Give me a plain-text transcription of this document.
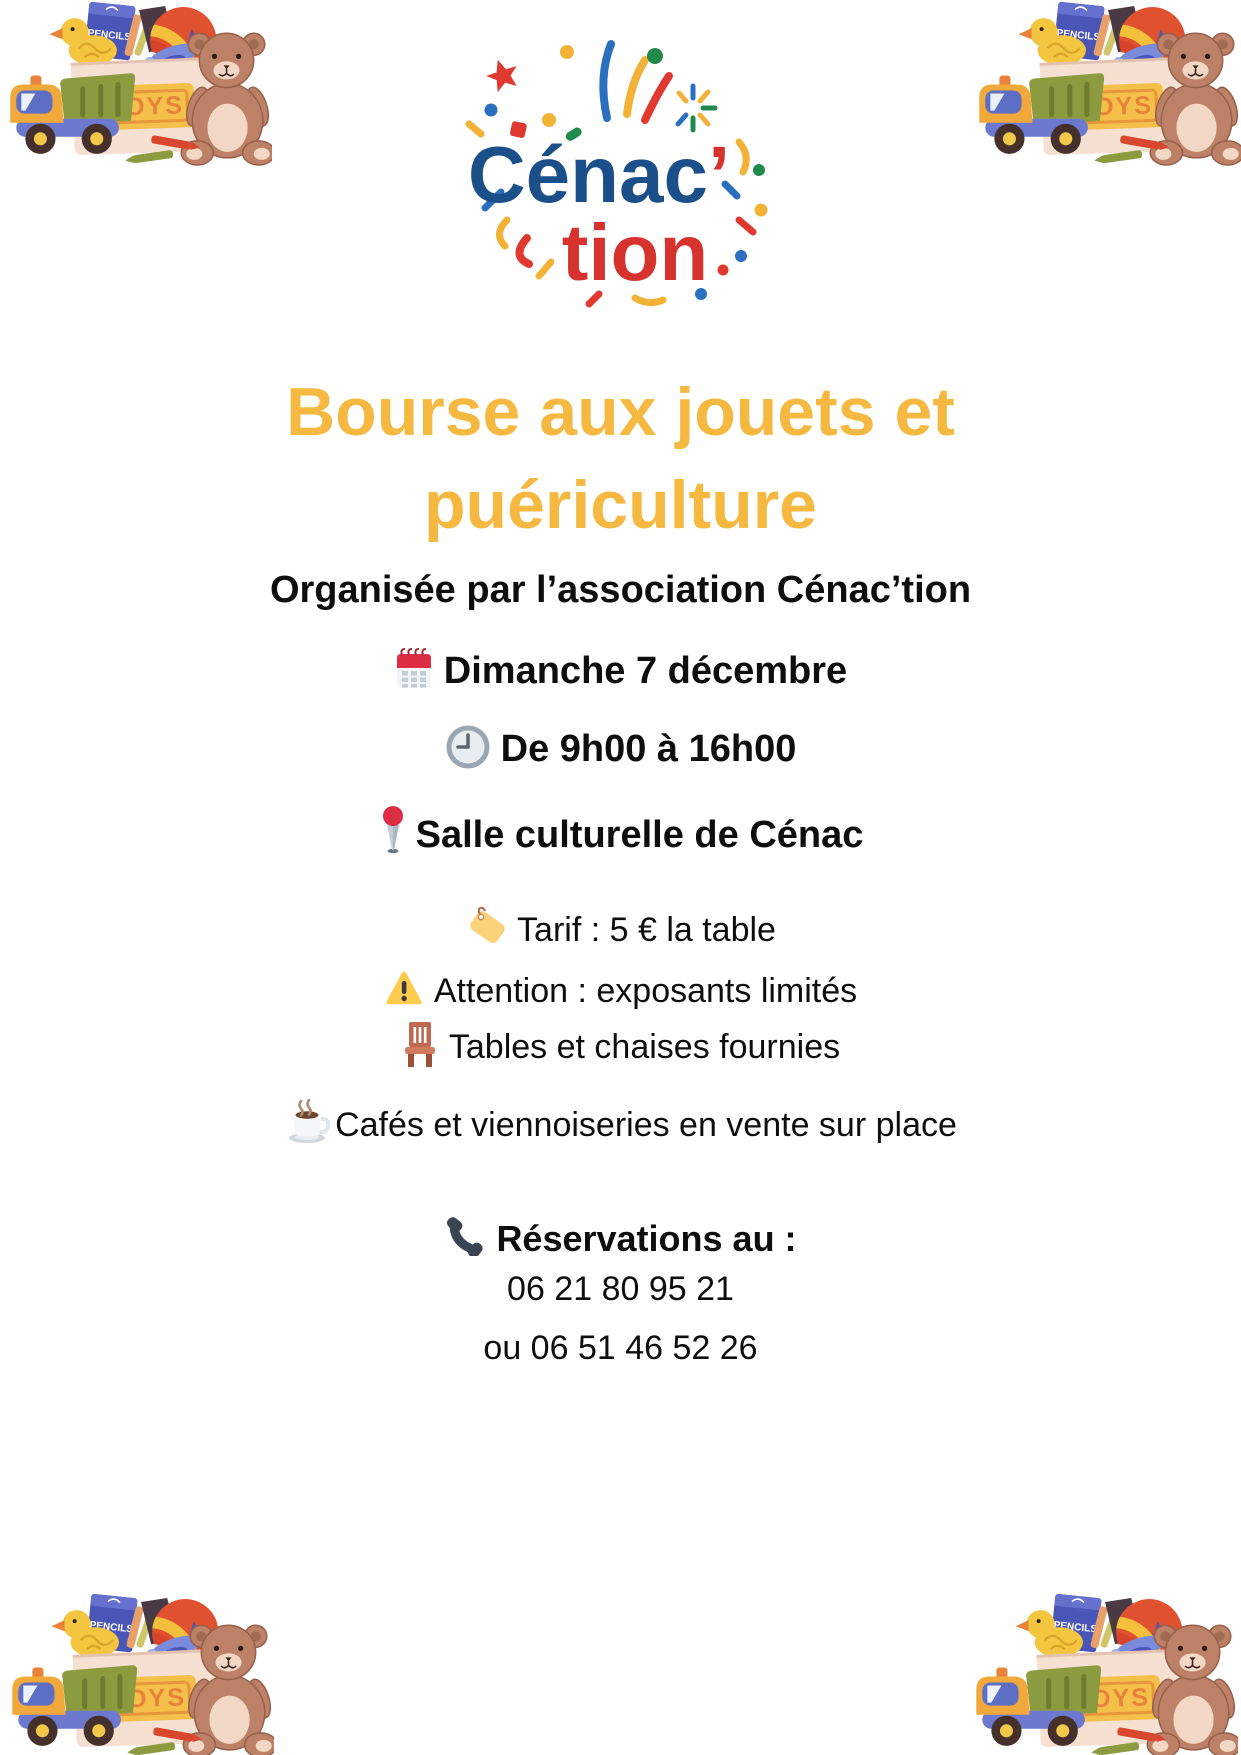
Cénac’
tion
Bourse aux jouets et
puériculture
Organisée par l’association Cénac’tion
Dimanche 7 décembre
De 9h00 à 16h00
Salle culturelle de Cénac
Tarif : 5 € la table
Attention : exposants limités
Tables et chaises fournies
Cafés et viennoiseries en vente sur place
Réservations au :
06 21 80 95 21
ou 06 51 46 52 26
